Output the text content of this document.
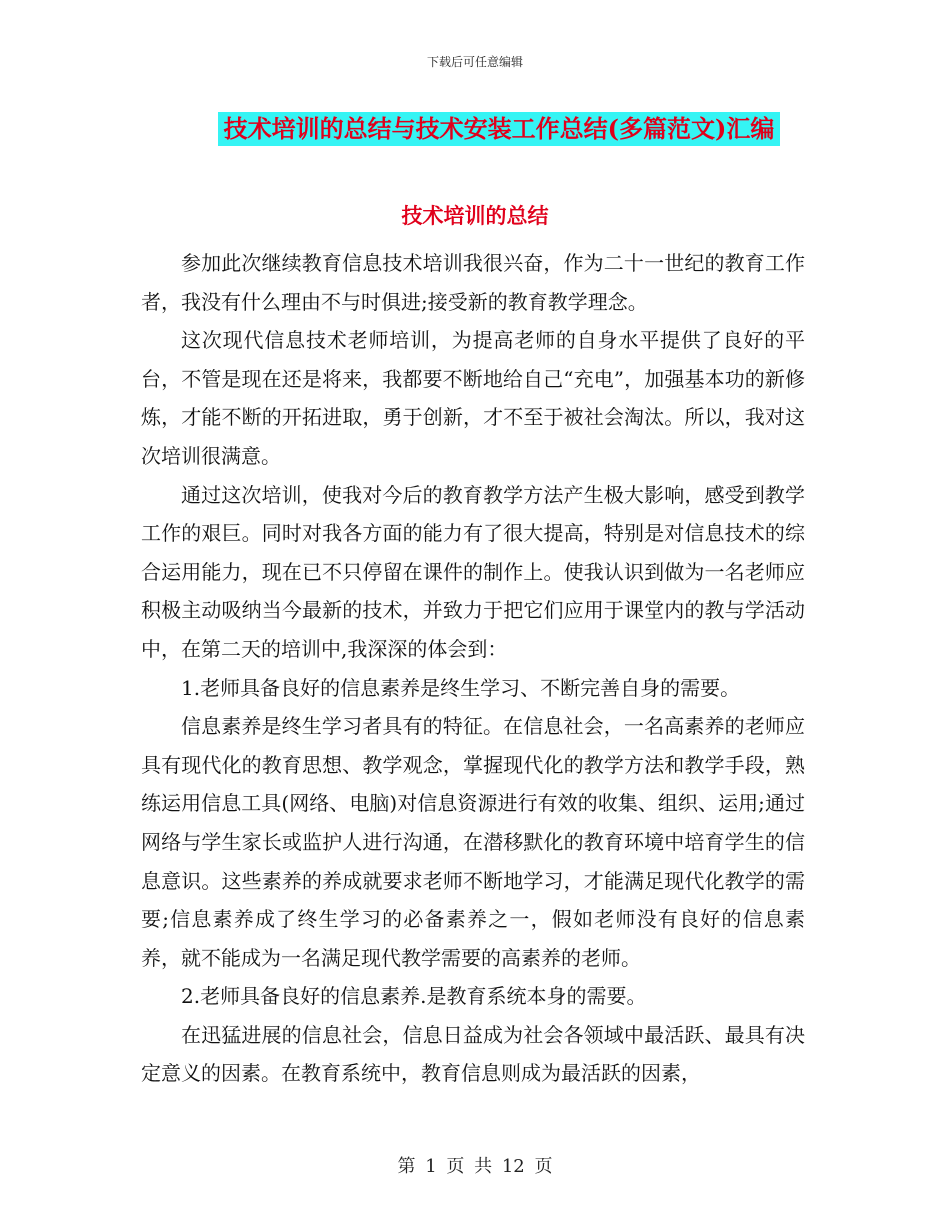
下载后可任意编辑
技术培训的总结与技术安装工作总结(多篇范文)汇编
技术培训的总结

参加此次继续教育信息技术培训我很兴奋，作为二十一世纪的教育工作者，我没有什么理由不与时俱进;接受新的教育教学理念。

这次现代信息技术老师培训，为提高老师的自身水平提供了良好的平台，不管是现在还是将来，我都要不断地给自己“充电”，加强基本功的新修炼，才能不断的开拓进取，勇于创新，才不至于被社会淘汰。所以，我对这次培训很满意。

通过这次培训，使我对今后的教育教学方法产生极大影响，感受到教学工作的艰巨。同时对我各方面的能力有了很大提高，特别是对信息技术的综合运用能力，现在已不只停留在课件的制作上。使我认识到做为一名老师应积极主动吸纳当今最新的技术，并致力于把它们应用于课堂内的教与学活动中，在第二天的培训中,我深深的体会到：

1.老师具备良好的信息素养是终生学习、不断完善自身的需要。

信息素养是终生学习者具有的特征。在信息社会，一名高素养的老师应具有现代化的教育思想、教学观念，掌握现代化的教学方法和教学手段，熟练运用信息工具(网络、电脑)对信息资源进行有效的收集、组织、运用;通过网络与学生家长或监护人进行沟通，在潜移默化的教育环境中培育学生的信息意识。这些素养的养成就要求老师不断地学习，才能满足现代化教学的需要;信息素养成了终生学习的必备素养之一，假如老师没有良好的信息素养，就不能成为一名满足现代教学需要的高素养的老师。

2.老师具备良好的信息素养.是教育系统本身的需要。

在迅猛进展的信息社会，信息日益成为社会各领域中最活跃、最具有决定意义的因素。在教育系统中，教育信息则成为最活跃的因素，

第 1 页 共 12 页
